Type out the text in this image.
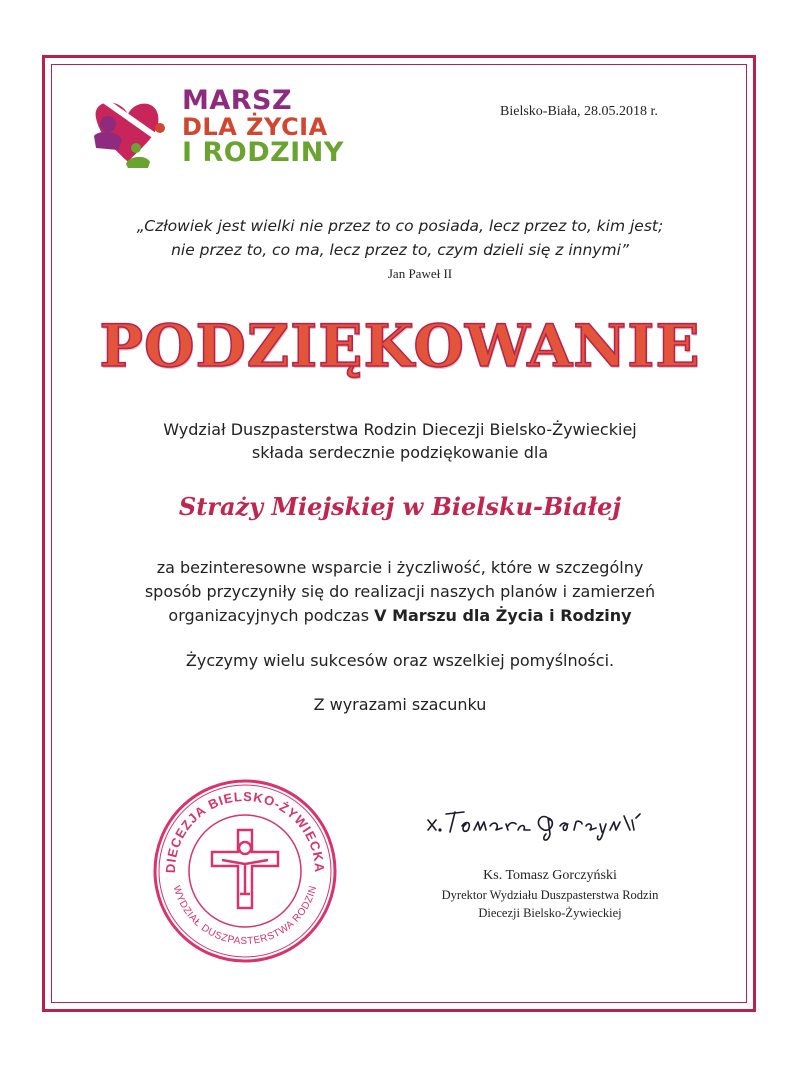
MARSZ
DLA ŻYCIA
I RODZINY
Bielsko-Biała, 28.05.2018 r.
„Człowiek jest wielki nie przez to co posiada, lecz przez to, kim jest;
nie przez to, co ma, lecz przez to, czym dzieli się z innymi”
Jan Paweł II
PODZIĘKOWANIE
Wydział Duszpasterstwa Rodzin Diecezji Bielsko-Żywieckiej
składa serdecznie podziękowanie dla
Straży Miejskiej w Bielsku-Białej
za bezinteresowne wsparcie i życzliwość, które w szczególny
sposób przyczyniły się do realizacji naszych planów i zamierzeń
organizacyjnych podczas V Marszu dla Życia i Rodziny
Życzymy wielu sukcesów oraz wszelkiej pomyślności.
Z wyrazami szacunku
DIECEZJA BIELSKO-ŻYWIECKA
WYDZIAŁ DUSZPASTERSTWA RODZIN
Ks. Tomasz Gorczyński
Dyrektor Wydziału Duszpasterstwa Rodzin
Diecezji Bielsko-Żywieckiej
